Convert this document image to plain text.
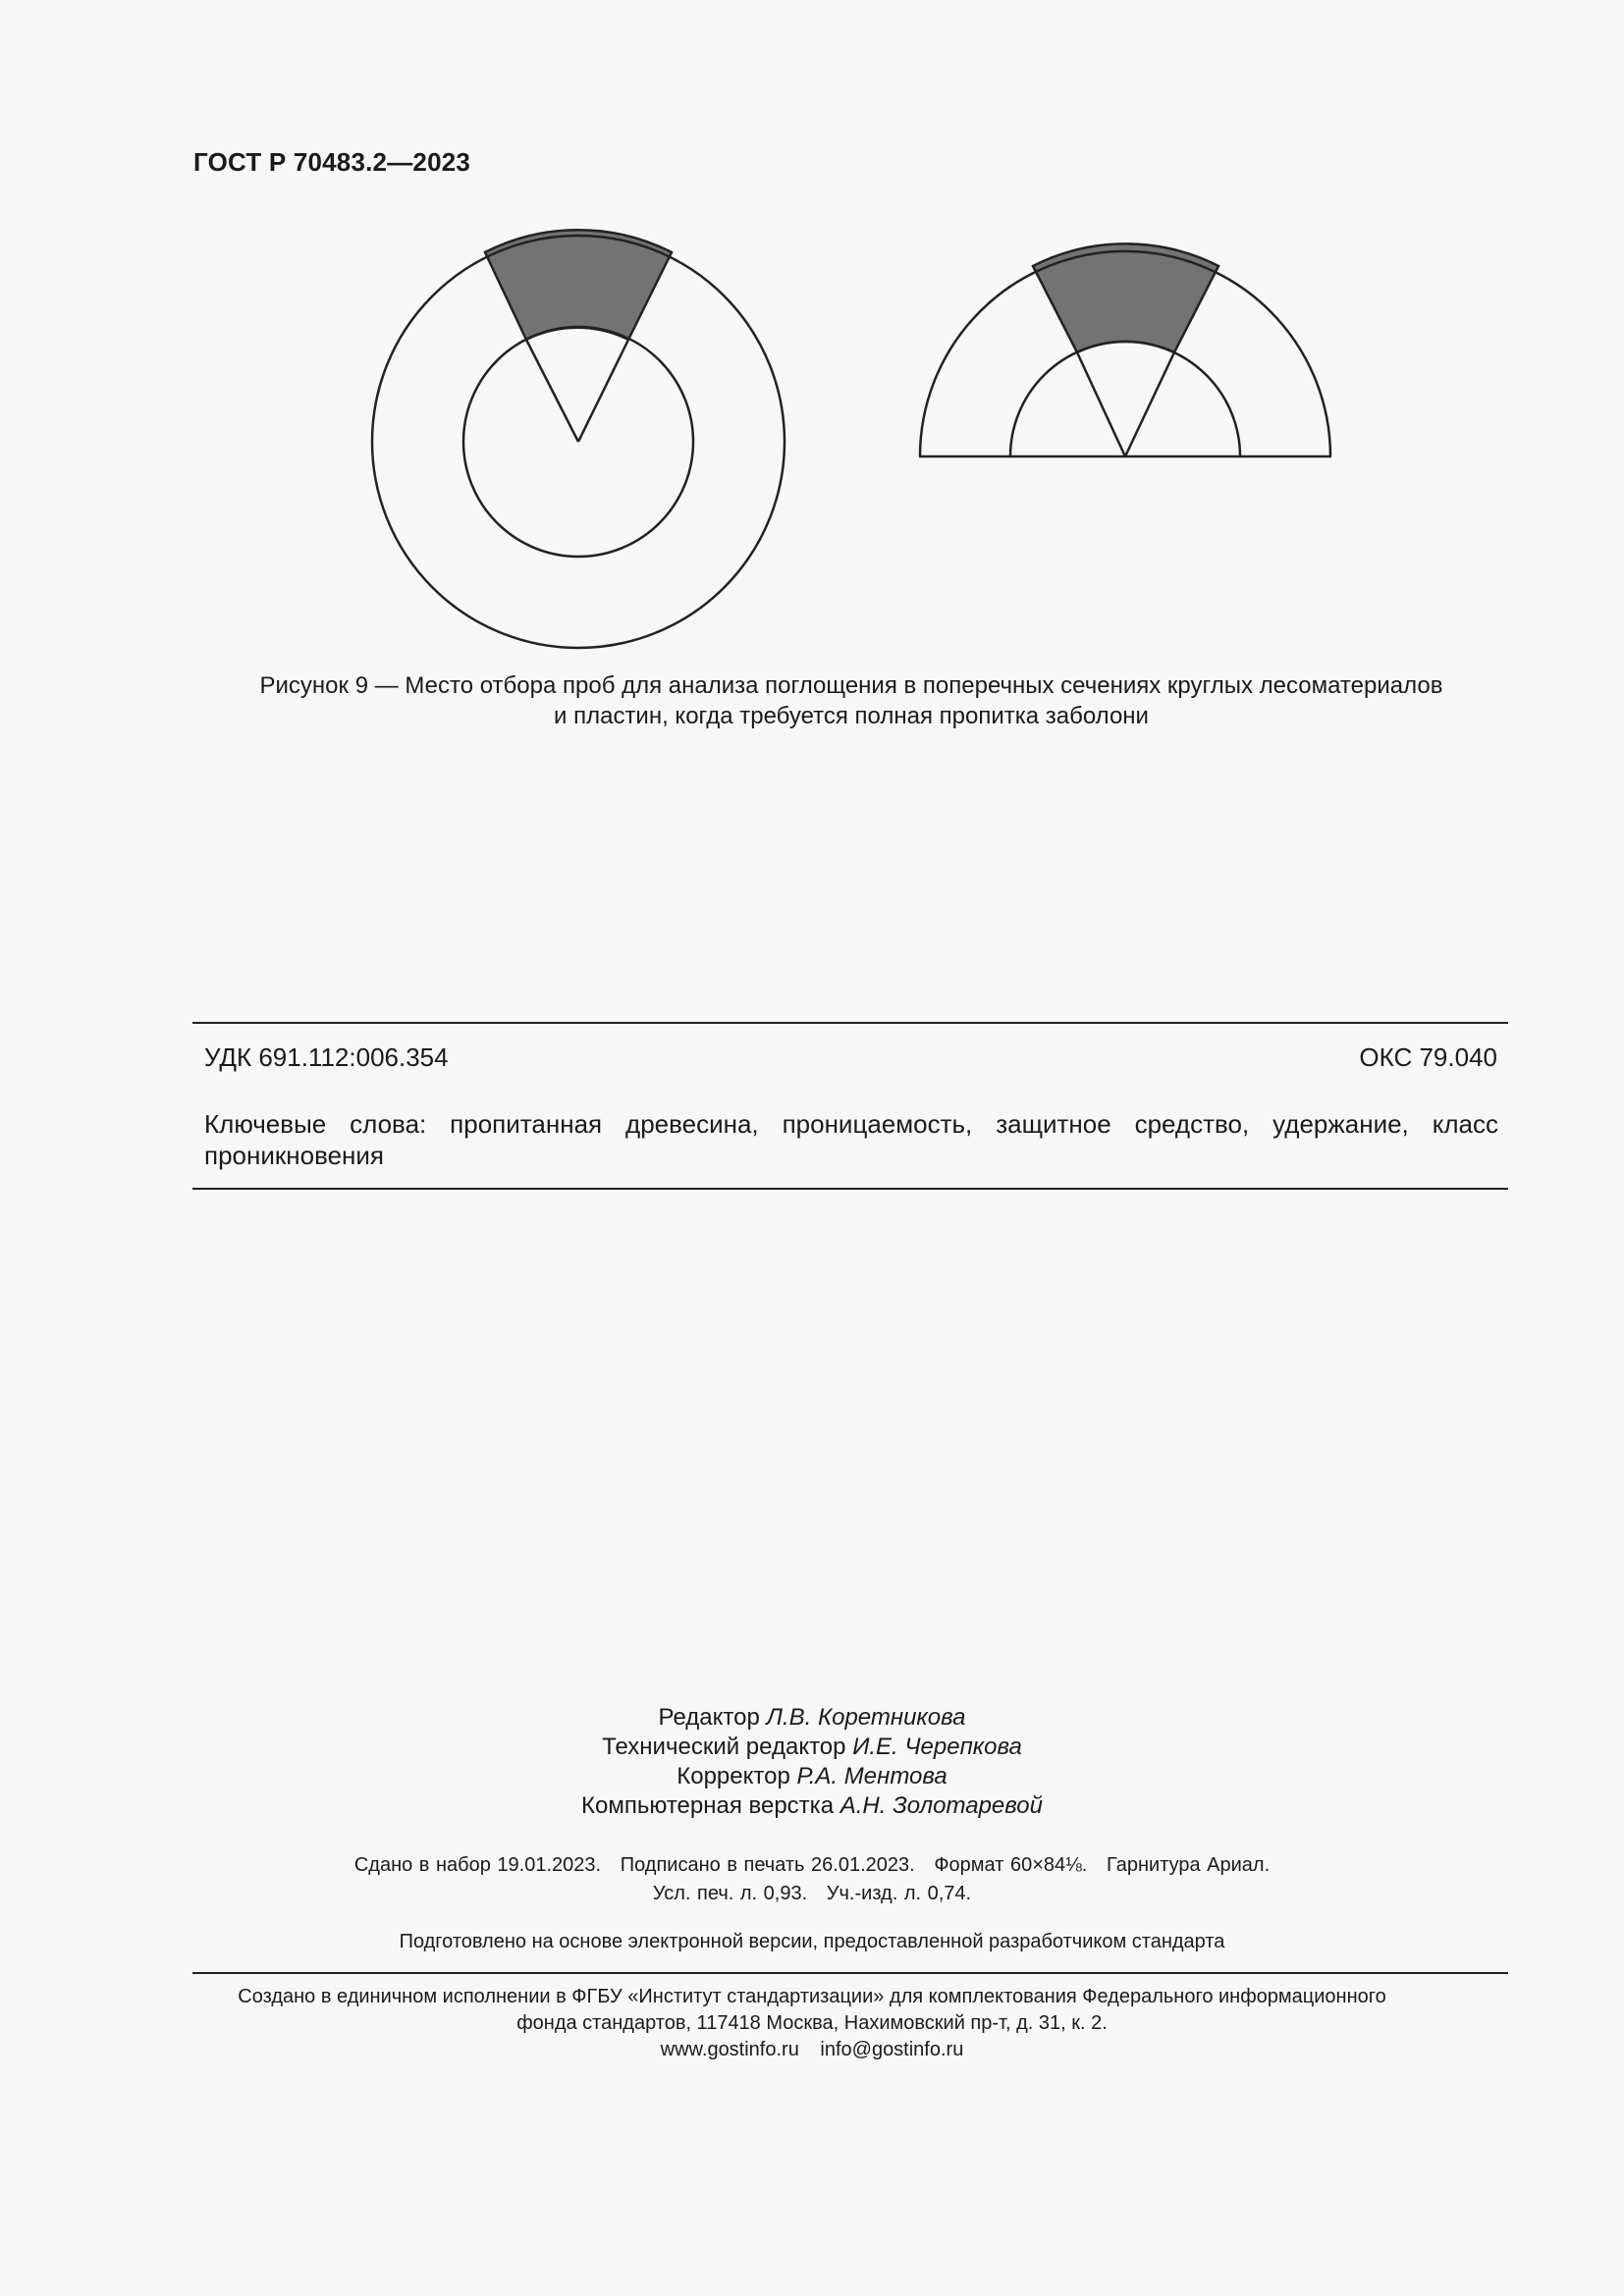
ГОСТ Р 70483.2—2023
Рисунок 9 — Место отбора проб для анализа поглощения в поперечных сечениях круглых лесоматериалов
и пластин, когда требуется полная пропитка заболони
УДК 691.112:006.354	ОКС 79.040
Ключевые слова: пропитанная древесина, проницаемость, защитное средство, удержание, класс
проникновения
Редактор Л.В. Коретникова
Технический редактор И.Е. Черепкова
Корректор Р.А. Ментова
Компьютерная верстка А.Н. Золотаревой
Сдано в набор 19.01.2023.   Подписано в печать 26.01.2023.   Формат 60×84⅛.   Гарнитура Ариал.
Усл. печ. л. 0,93.   Уч.-изд. л. 0,74.
Подготовлено на основе электронной версии, предоставленной разработчиком стандарта
Создано в единичном исполнении в ФГБУ «Институт стандартизации» для комплектования Федерального информационного
фонда стандартов, 117418 Москва, Нахимовский пр-т, д. 31, к. 2.
www.gostinfo.ru info@gostinfo.ru
